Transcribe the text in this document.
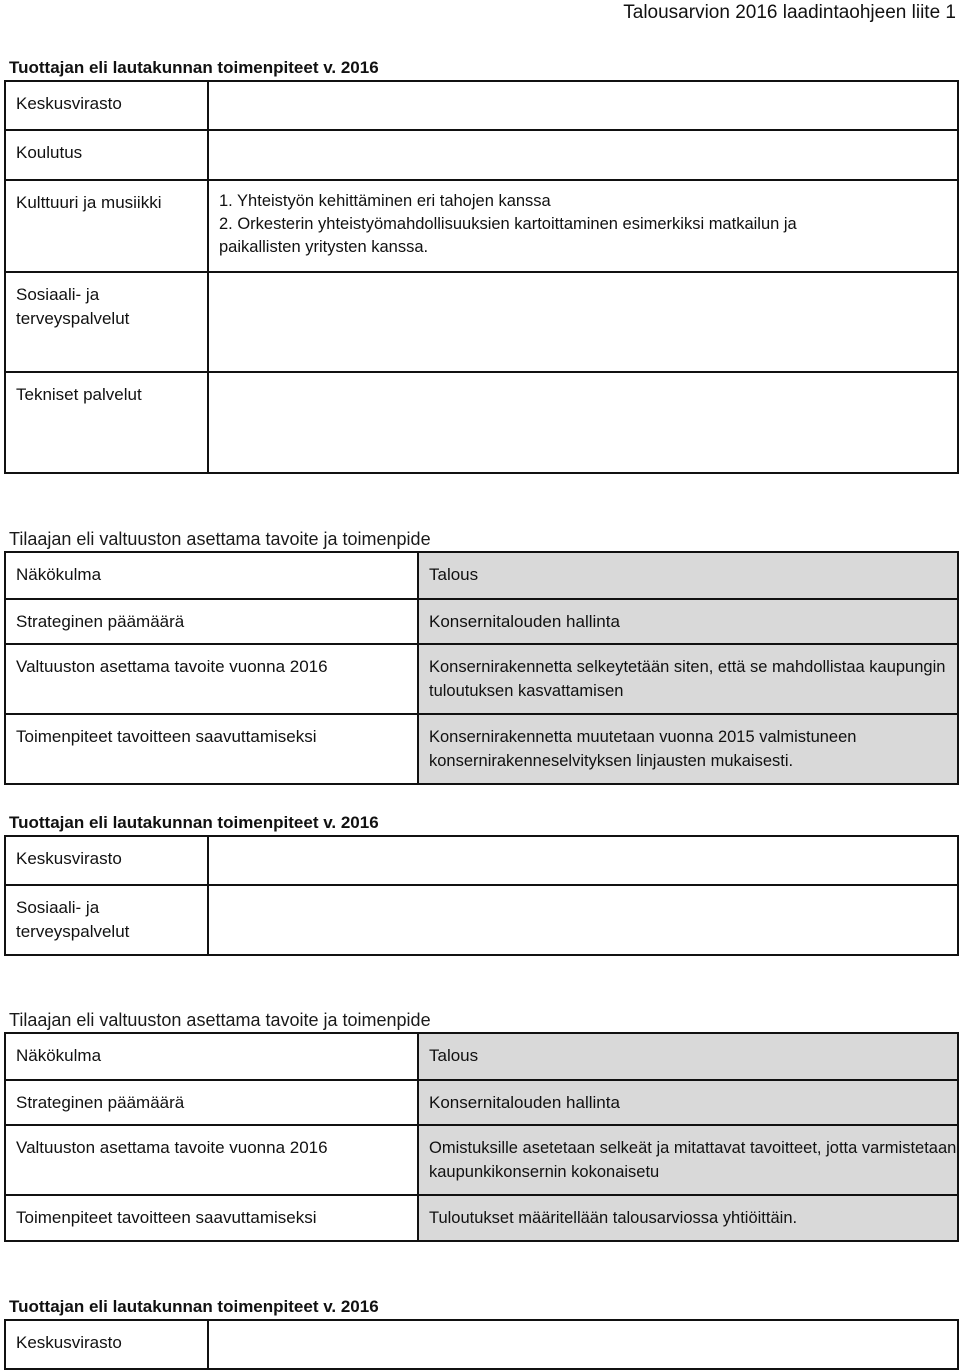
Talousarvion 2016 laadintaohjeen liite 1
Tuottajan eli lautakunnan toimenpiteet v. 2016
Keskusvirasto	
Koulutus	
Kulttuuri ja musiikki	1. Yhteistyön kehittäminen eri tahojen kanssa
2. Orkesterin yhteistyömahdollisuuksien kartoittaminen esimerkiksi matkailun ja
paikallisten yritysten kanssa.

Sosiaali- ja terveyspalvelut	
Tekniset palvelut	
Tilaajan eli valtuuston asettama tavoite ja toimenpide
Näkökulma	Talous
Strateginen päämäärä	Konsernitalouden hallinta
Valtuuston asettama tavoite vuonna 2016	Konsernirakennetta selkeytetään siten, että se mahdollistaa kaupungin tuloutuksen kasvattamisen
Toimenpiteet tavoitteen saavuttamiseksi	Konsernirakennetta muutetaan vuonna 2015 valmistuneen konsernirakenneselvityksen linjausten mukaisesti.
Tuottajan eli lautakunnan toimenpiteet v. 2016
Keskusvirasto	
Sosiaali- ja terveyspalvelut	
Tilaajan eli valtuuston asettama tavoite ja toimenpide
Näkökulma	Talous
Strateginen päämäärä	Konsernitalouden hallinta
Valtuuston asettama tavoite vuonna 2016	Omistuksille asetetaan selkeät ja mitattavat tavoitteet, jotta varmistetaan kaupunkikonsernin kokonaisetu
Toimenpiteet tavoitteen saavuttamiseksi	Tuloutukset määritellään talousarviossa yhtiöittäin.
Tuottajan eli lautakunnan toimenpiteet v. 2016
Keskusvirasto	
